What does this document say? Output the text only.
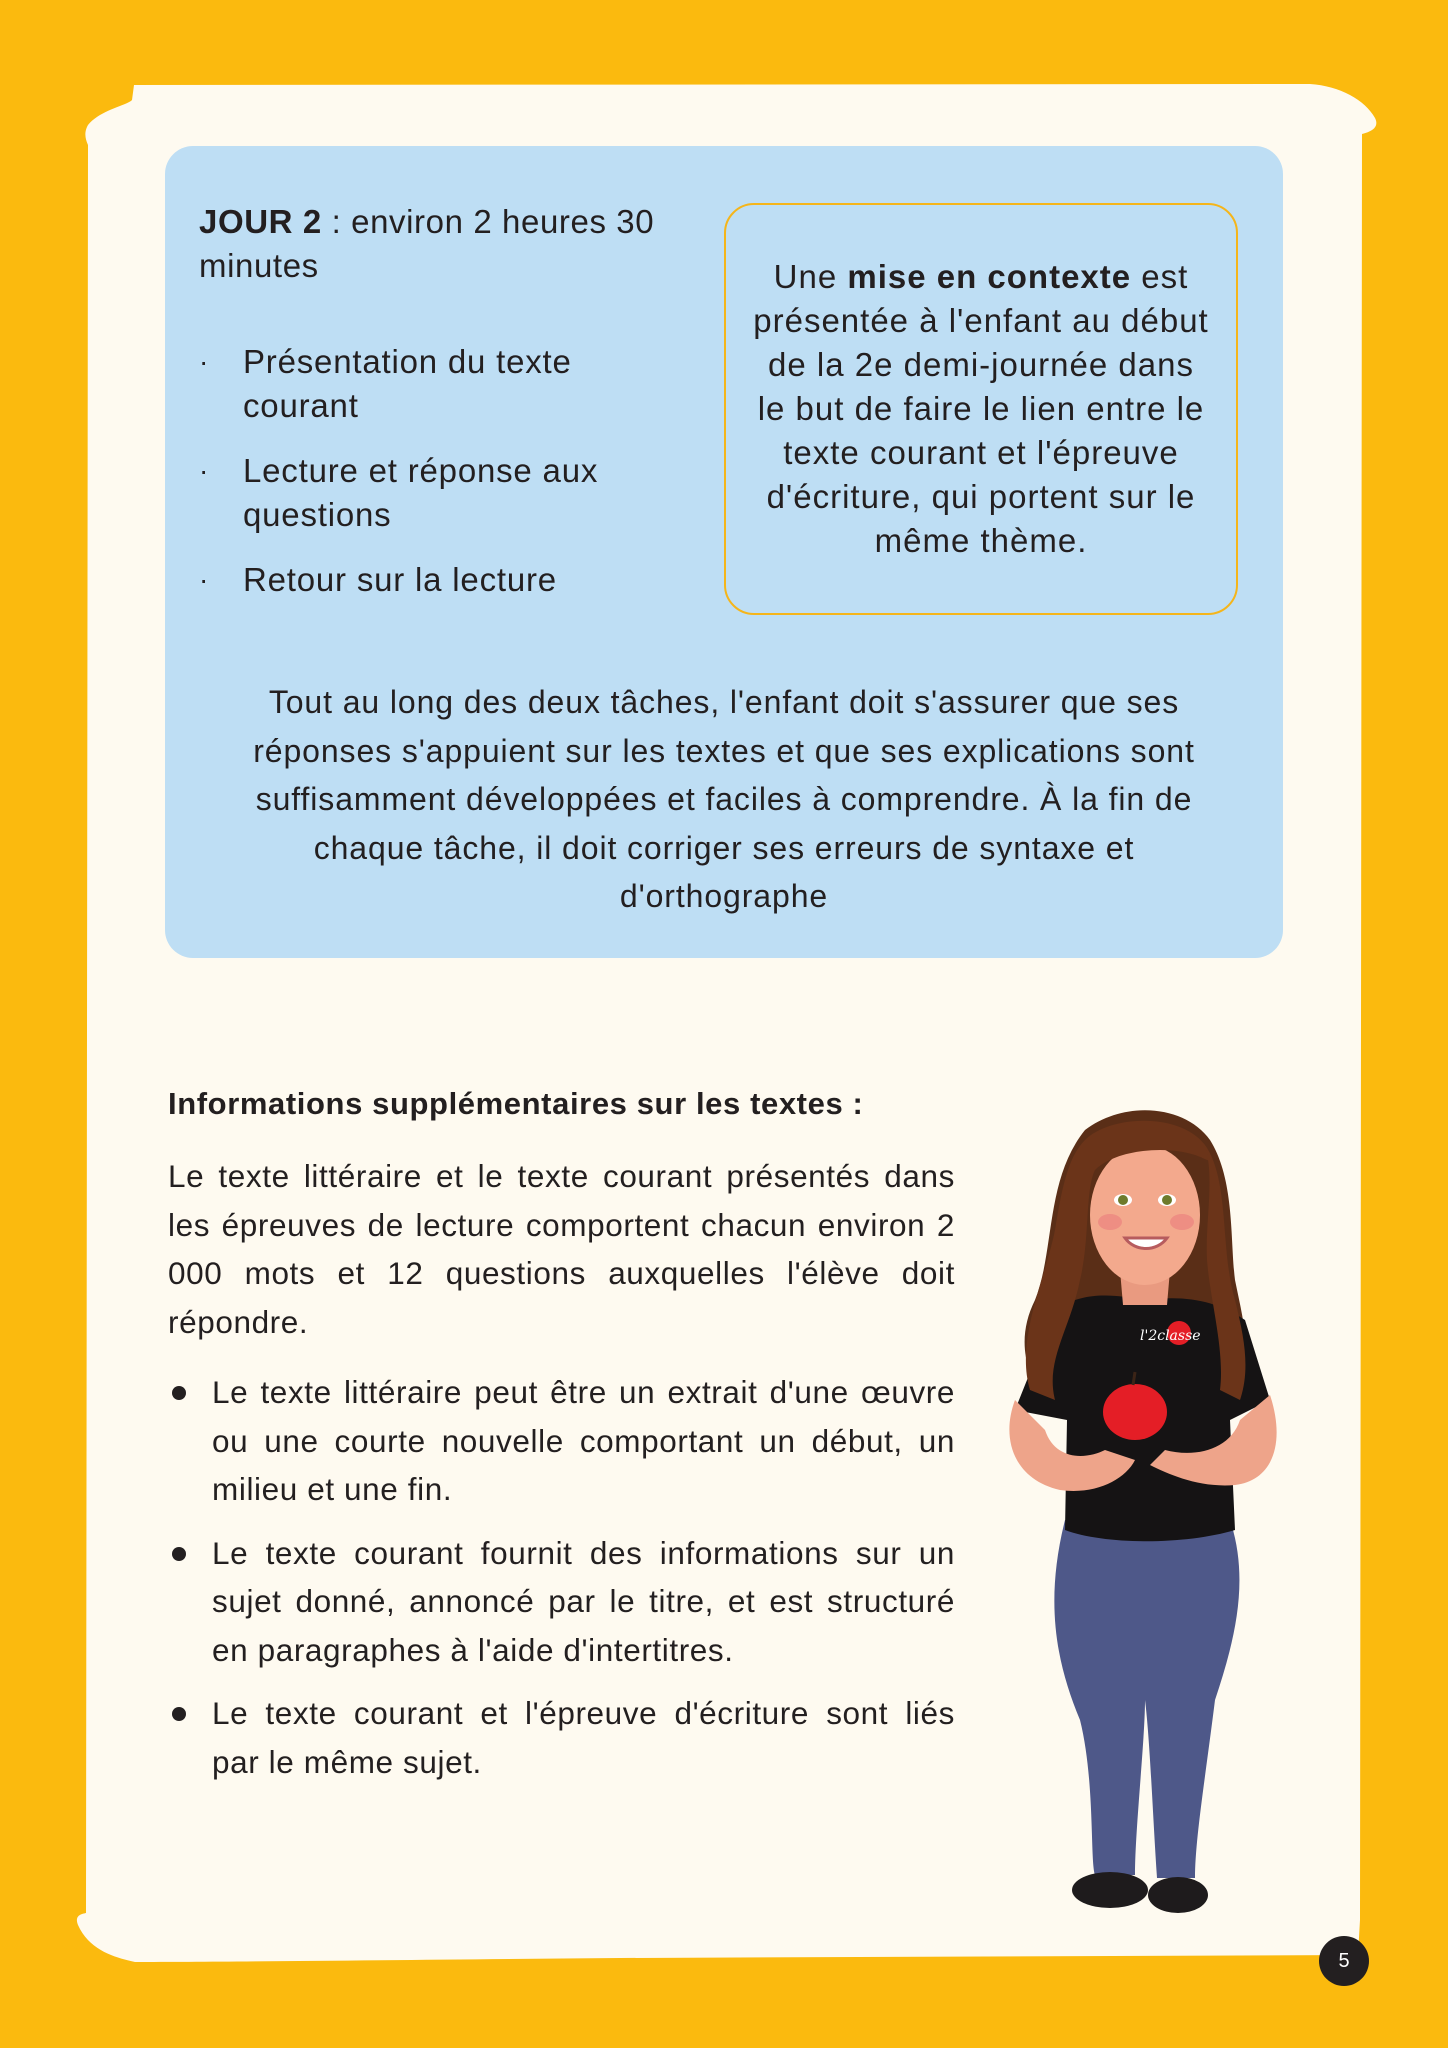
JOUR 2 : environ 2 heures 30 minutes
· Présentation du texte courant
· Lecture et réponse aux questions
· Retour sur la lecture
Une mise en contexte est présentée à l'enfant au début de la 2e demi-journée dans le but de faire le lien entre le texte courant et l'épreuve d'écriture, qui portent sur le même thème.
Tout au long des deux tâches, l'enfant doit s'assurer que ses réponses s'appuient sur les textes et que ses explications sont suffisamment développées et faciles à comprendre. À la fin de chaque tâche, il doit corriger ses erreurs de syntaxe et d'orthographe
Informations supplémentaires sur les textes :
Le texte littéraire et le texte courant présentés dans les épreuves de lecture comportent chacun environ 2 000 mots et 12 questions auxquelles l'élève doit répondre.
Le texte littéraire peut être un extrait d'une œuvre ou une courte nouvelle comportant un début, un milieu et une fin.
Le texte courant fournit des informations sur un sujet donné, annoncé par le titre, et est structuré en paragraphes à l'aide d'intertitres.
Le texte courant et l'épreuve d'écriture sont liés par le même sujet.
l'2classe
5
